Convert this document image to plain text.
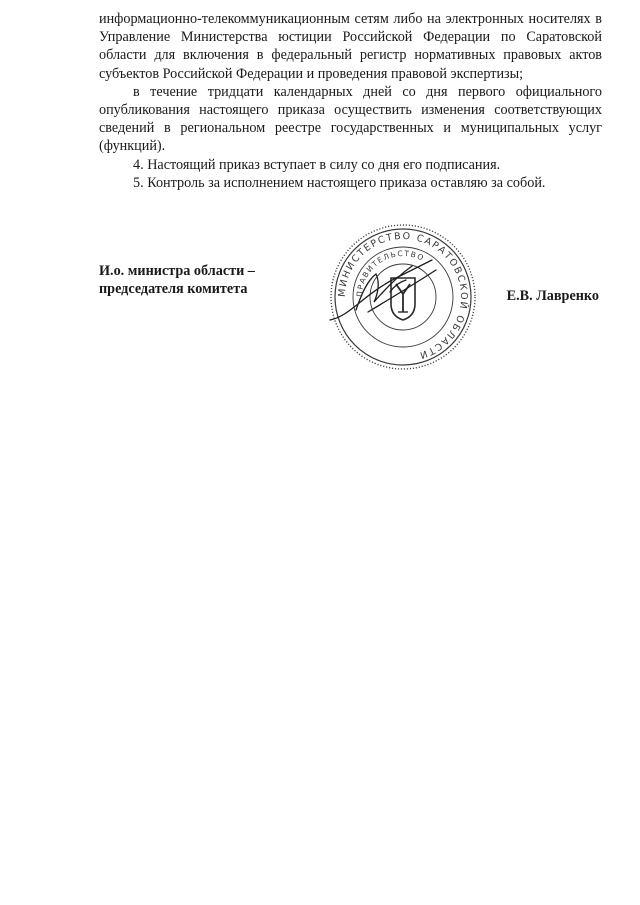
информационно-телекоммуникационным сетям либо на электронных носителях в Управление Министерства юстиции Российской Федерации по Саратовской области для включения в федеральный регистр нормативных правовых актов субъектов Российской Федерации и проведения правовой экспертизы;

в течение тридцати календарных дней со дня первого официального опубликования настоящего приказа осуществить изменения соответствующих сведений в региональном реестре государственных и муниципальных услуг (функций).

4. Настоящий приказ вступает в силу со дня его подписания.

5. Контроль за исполнением настоящего приказа оставляю за собой.

И.о. министра области –
председателя комитета	МИНИСТЕРСТВО САРАТОВСКОЙ ОБЛАСТИ
ПРАВИТЕЛЬСТВО
Е.В. Лавренко
